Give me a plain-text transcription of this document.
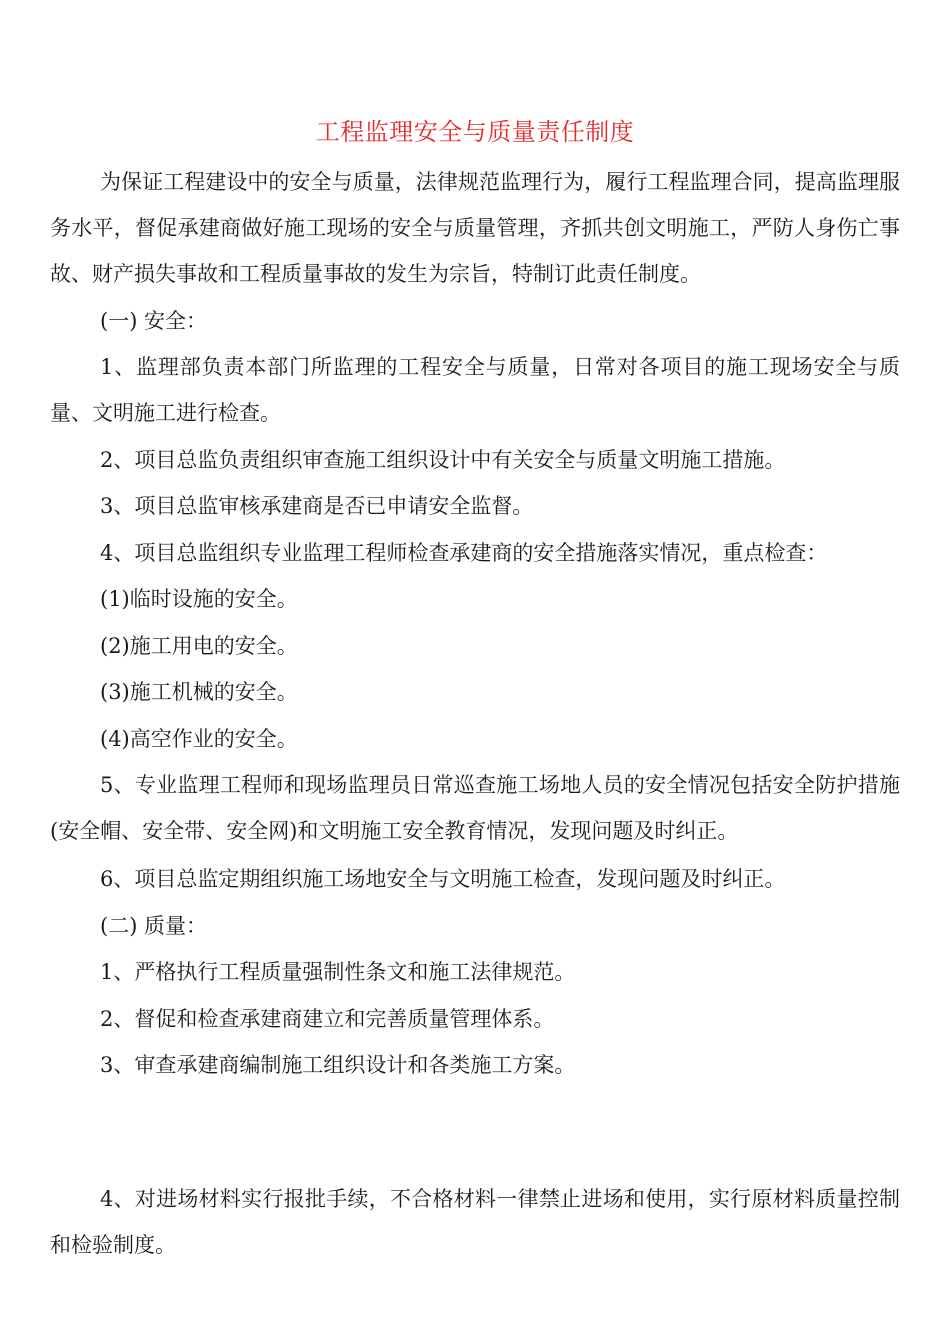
工程监理安全与质量责任制度
为保证工程建设中的安全与质量，法律规范监理行为，履行工程监理合同，提高监理服务水平，督促承建商做好施工现场的安全与质量管理，齐抓共创文明施工，严防人身伤亡事故、财产损失事故和工程质量事故的发生为宗旨，特制订此责任制度。
(一) 安全：
1、监理部负责本部门所监理的工程安全与质量，日常对各项目的施工现场安全与质量、文明施工进行检查。
2、项目总监负责组织审查施工组织设计中有关安全与质量文明施工措施。
3、项目总监审核承建商是否已申请安全监督。
4、项目总监组织专业监理工程师检查承建商的安全措施落实情况，重点检查：
(1)临时设施的安全。
(2)施工用电的安全。
(3)施工机械的安全。
(4)高空作业的安全。
5、专业监理工程师和现场监理员日常巡查施工场地人员的安全情况包括安全防护措施(安全帽、安全带、安全网)和文明施工安全教育情况，发现问题及时纠正。
6、项目总监定期组织施工场地安全与文明施工检查，发现问题及时纠正。
(二) 质量：
1、严格执行工程质量强制性条文和施工法律规范。
2、督促和检查承建商建立和完善质量管理体系。
3、审查承建商编制施工组织设计和各类施工方案。
4、对进场材料实行报批手续，不合格材料一律禁止进场和使用，实行原材料质量控制和检验制度。
